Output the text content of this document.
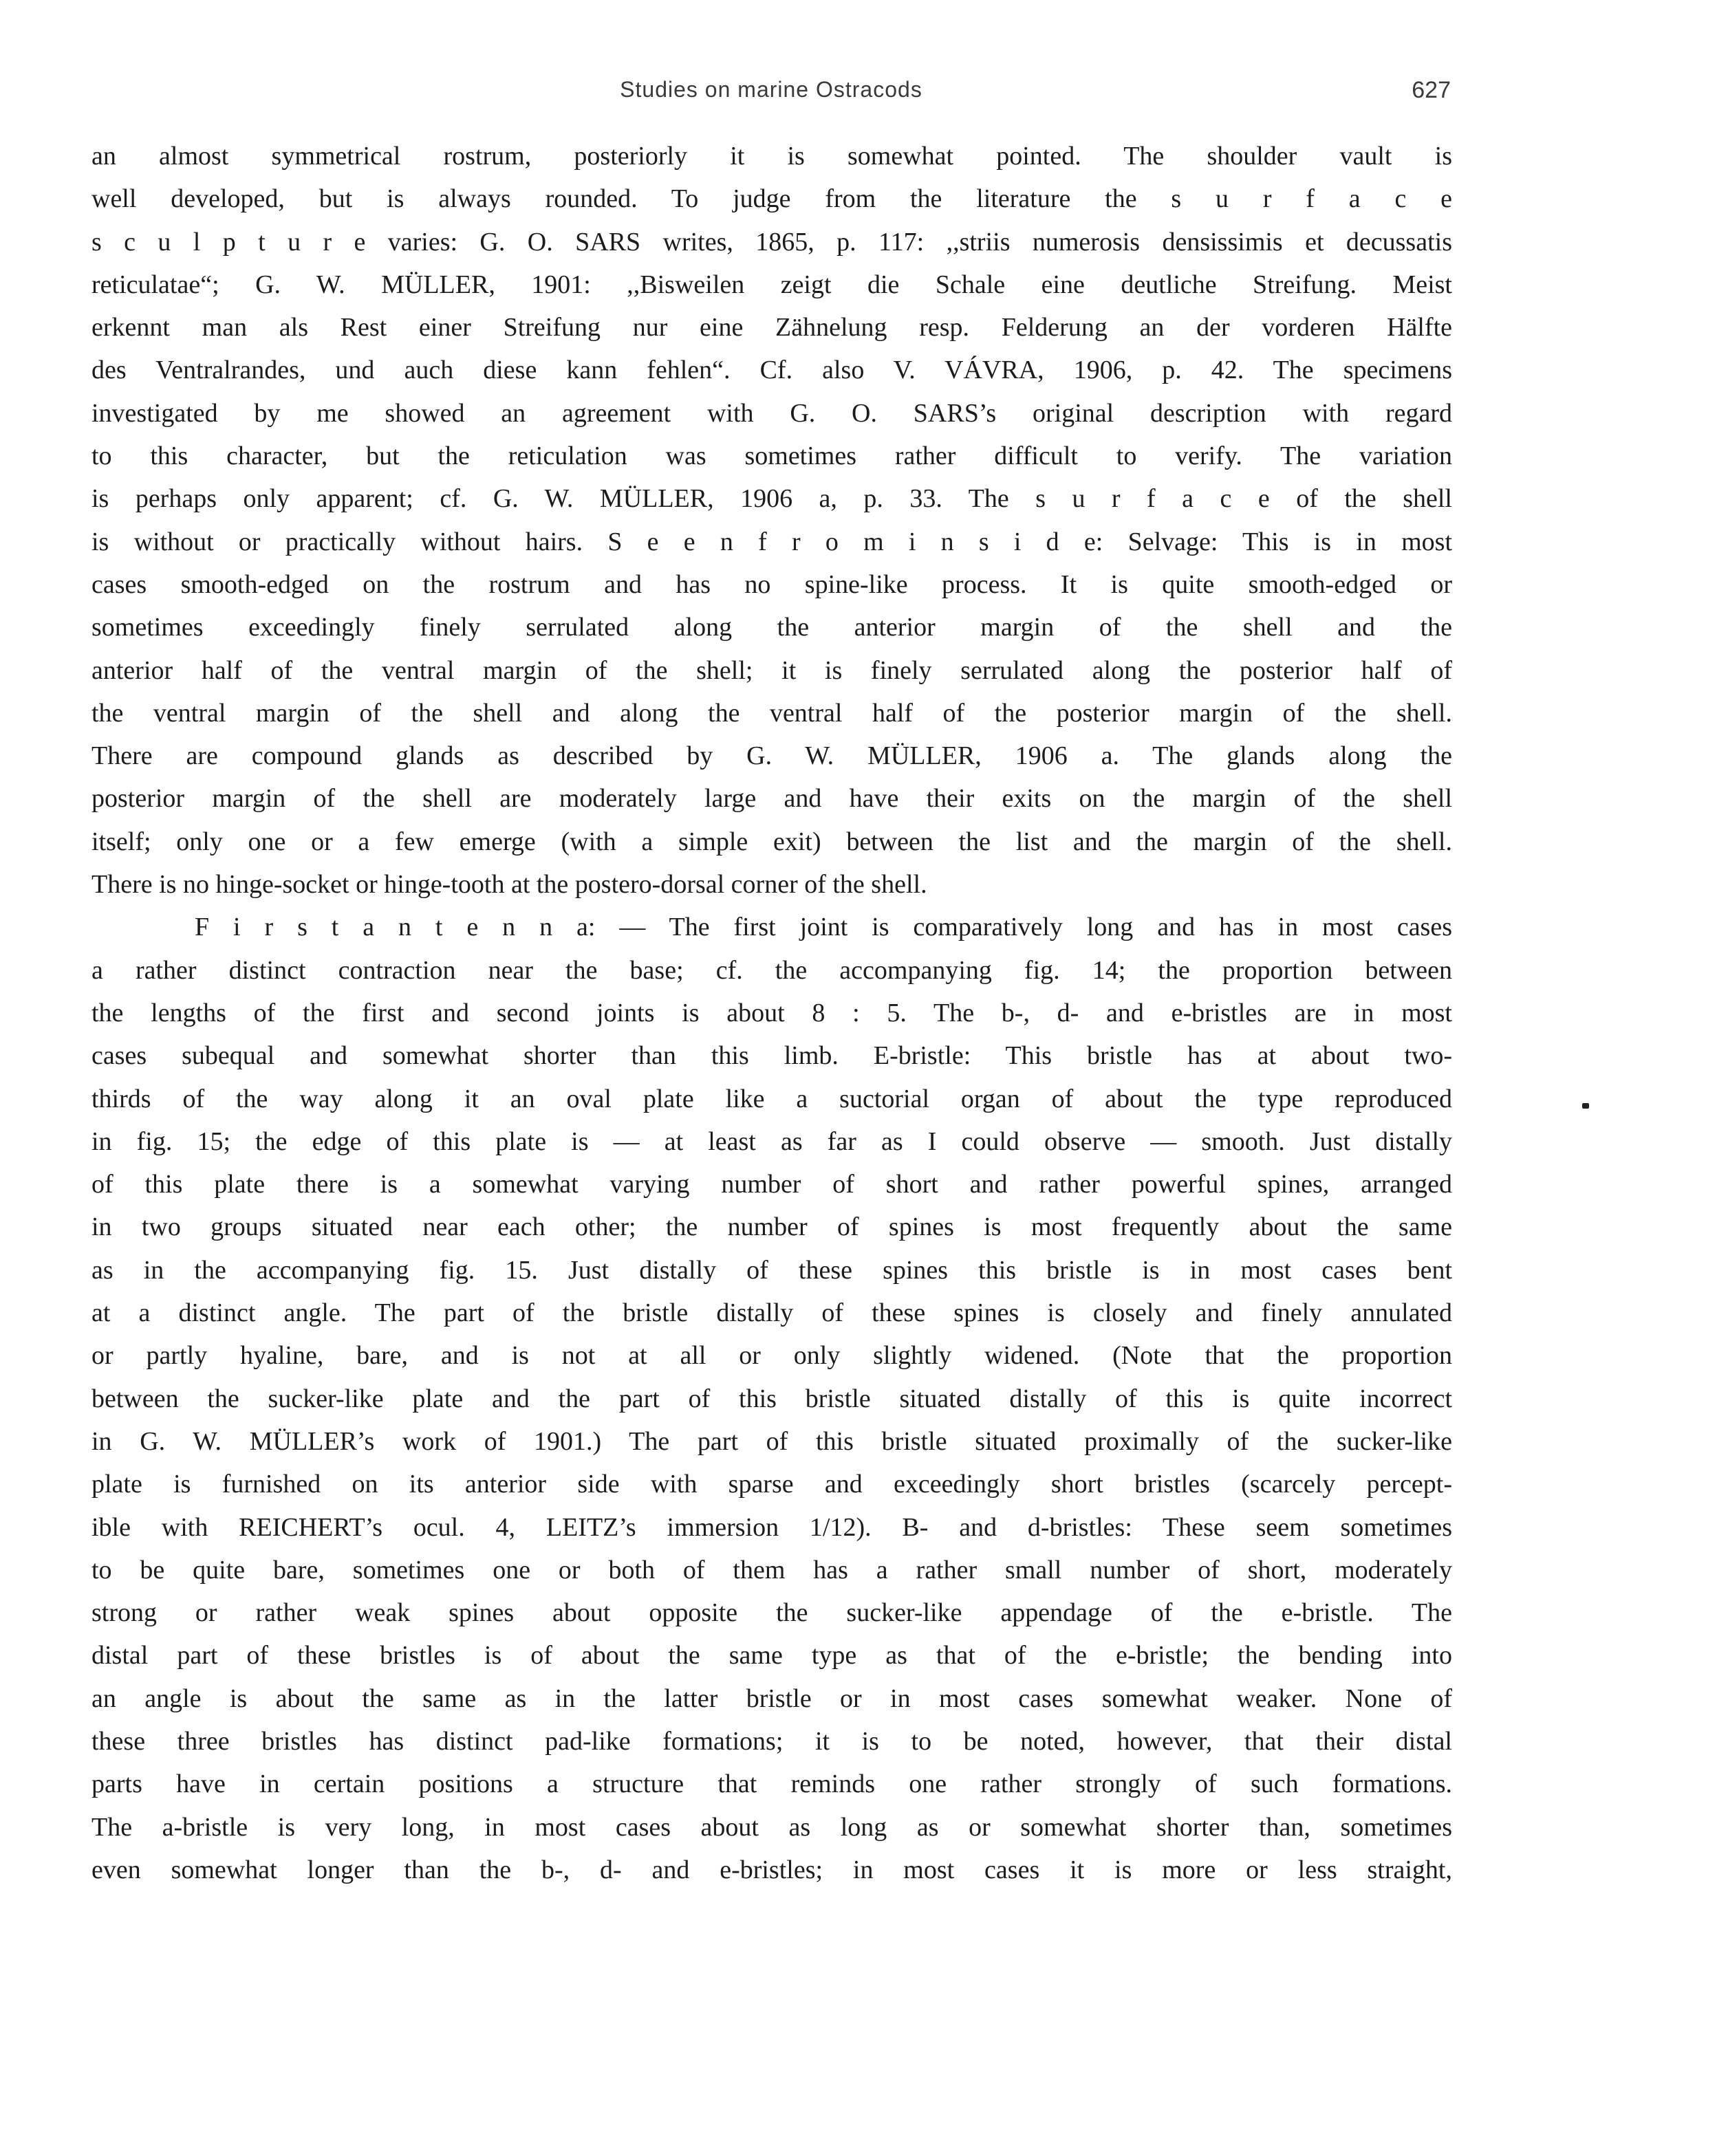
Studies on marine Ostracods	627
an almost symmetrical rostrum, posteriorly it is somewhat pointed. The shoulder vault is
well developed, but is always rounded. To judge from the literature the s u r f a c e
s c u l p t u r e varies: G. O. SARS writes, 1865, p. 117: ,,striis numerosis densissimis et decussatis
reticulatae“; G. W. MÜLLER, 1901: ,,Bisweilen zeigt die Schale eine deutliche Streifung. Meist
erkennt man als Rest einer Streifung nur eine Zähnelung resp. Felderung an der vorderen Hälfte
des Ventralrandes, und auch diese kann fehlen“. Cf. also V. VÁVRA, 1906, p. 42. The specimens
investigated by me showed an agreement with G. O. SARS’s original description with regard
to this character, but the reticulation was sometimes rather difficult to verify. The variation
is perhaps only apparent; cf. G. W. MÜLLER, 1906 a, p. 33. The s u r f a c e of the shell
is without or practically without hairs. S e e n f r o m i n s i d e: Selvage: This is in most
cases smooth-edged on the rostrum and has no spine-like process. It is quite smooth-edged or
sometimes exceedingly finely serrulated along the anterior margin of the shell and the
anterior half of the ventral margin of the shell; it is finely serrulated along the posterior half of
the ventral margin of the shell and along the ventral half of the posterior margin of the shell.
There are compound glands as described by G. W. MÜLLER, 1906 a. The glands along the
posterior margin of the shell are moderately large and have their exits on the margin of the shell
itself; only one or a few emerge (with a simple exit) between the list and the margin of the shell.
There is no hinge-socket or hinge-tooth at the postero-dorsal corner of the shell.
F i r s t a n t e n n a: — The first joint is comparatively long and has in most cases
a rather distinct contraction near the base; cf. the accompanying fig. 14; the proportion between
the lengths of the first and second joints is about 8 : 5. The b-, d- and e-bristles are in most
cases subequal and somewhat shorter than this limb. E-bristle: This bristle has at about two-
thirds of the way along it an oval plate like a suctorial organ of about the type reproduced
in fig. 15; the edge of this plate is — at least as far as I could observe — smooth. Just distally
of this plate there is a somewhat varying number of short and rather powerful spines, arranged
in two groups situated near each other; the number of spines is most frequently about the same
as in the accompanying fig. 15. Just distally of these spines this bristle is in most cases bent
at a distinct angle. The part of the bristle distally of these spines is closely and finely annulated
or partly hyaline, bare, and is not at all or only slightly widened. (Note that the proportion
between the sucker-like plate and the part of this bristle situated distally of this is quite incorrect
in G. W. MÜLLER’s work of 1901.) The part of this bristle situated proximally of the sucker-like
plate is furnished on its anterior side with sparse and exceedingly short bristles (scarcely percept-
ible with REICHERT’s ocul. 4, LEITZ’s immersion 1/12). B- and d-bristles: These seem sometimes
to be quite bare, sometimes one or both of them has a rather small number of short, moderately
strong or rather weak spines about opposite the sucker-like appendage of the e-bristle. The
distal part of these bristles is of about the same type as that of the e-bristle; the bending into
an angle is about the same as in the latter bristle or in most cases somewhat weaker. None of
these three bristles has distinct pad-like formations; it is to be noted, however, that their distal
parts have in certain positions a structure that reminds one rather strongly of such formations.
The a-bristle is very long, in most cases about as long as or somewhat shorter than, sometimes
even somewhat longer than the b-, d- and e-bristles; in most cases it is more or less straight,
